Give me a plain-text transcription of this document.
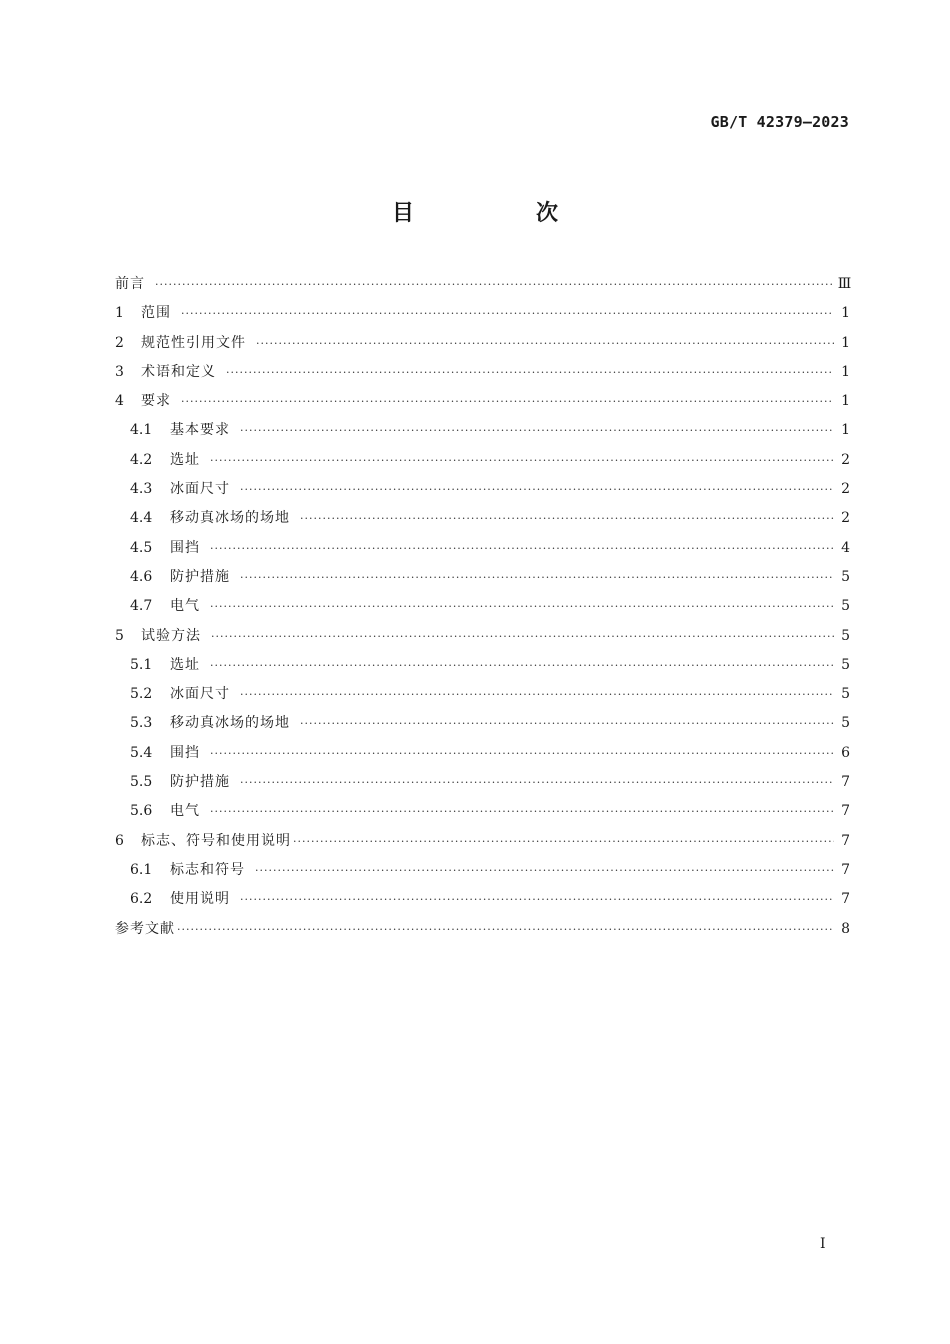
GB/T 42379—2023
目　次
前言 ·····	Ⅲ
1	范围 ·····	1
2	规范性引用文件 ·····	1
3	术语和定义 ·····	1
4	要求 ·····	1
4.1	基本要求 ·····	1
4.2	选址 ·····	2
4.3	冰面尺寸 ·····	2
4.4	移动真冰场的场地 ·····	2
4.5	围挡 ·····	4
4.6	防护措施 ·····	5
4.7	电气 ·····	5
5	试验方法 ·····	5
5.1	选址 ·····	5
5.2	冰面尺寸 ·····	5
5.3	移动真冰场的场地 ·····	5
5.4	围挡 ·····	6
5.5	防护措施 ·····	7
5.6	电气 ·····	7
6	标志、符号和使用说明 ·····	7
6.1	标志和符号 ·····	7
6.2	使用说明 ·····	7
参考文献 ·····	8
Ⅰ
